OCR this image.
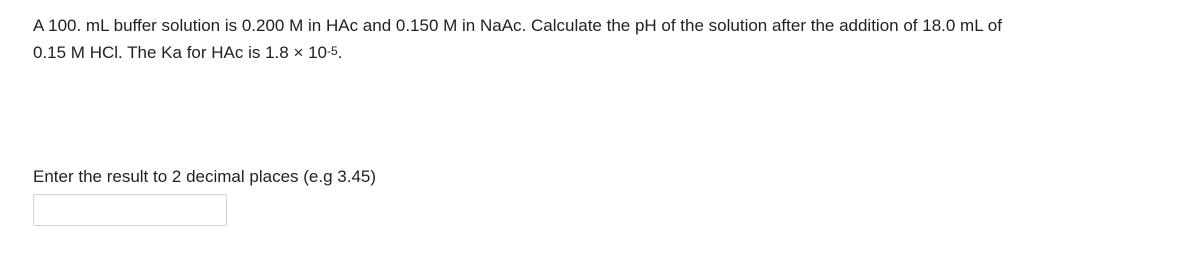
A 100. mL buffer solution is 0.200 M in HAc and 0.150 M in NaAc. Calculate the pH of the solution after the addition of 18.0 mL of
0.15 M HCl. The Ka for HAc is $1.8 \times 10^{-5}$.

Enter the result to 2 decimal places (e.g 3.45)
